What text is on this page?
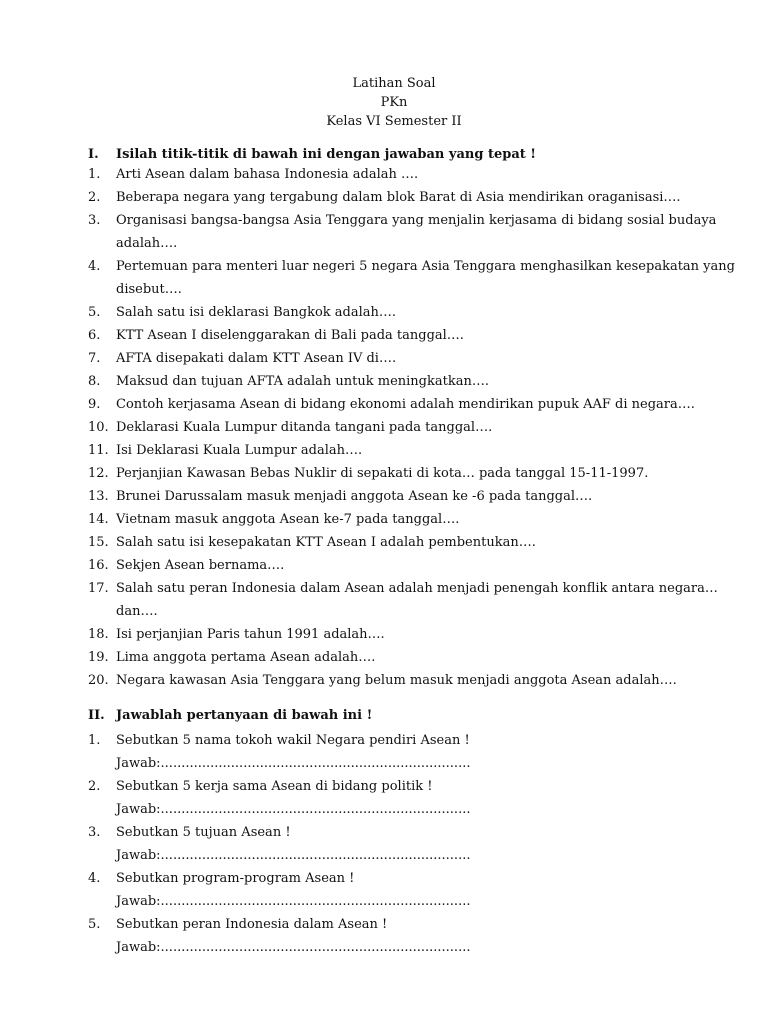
Latihan Soal
PKn
Kelas VI Semester II
I. Isilah titik-titik di bawah ini dengan jawaban yang tepat !
1.	Arti Asean dalam bahasa Indonesia adalah ….
2.	Beberapa negara yang tergabung dalam blok Barat di Asia mendirikan oraganisasi….
3.	Organisasi bangsa-bangsa Asia Tenggara yang menjalin kerjasama di bidang sosial budaya
adalah….
4.	Pertemuan para menteri luar negeri 5 negara Asia Tenggara menghasilkan kesepakatan yang
disebut….
5.	Salah satu isi deklarasi Bangkok adalah….
6.	KTT Asean I diselenggarakan di Bali pada tanggal….
7.	AFTA disepakati dalam KTT Asean IV di….
8.	Maksud dan tujuan AFTA adalah untuk meningkatkan….
9.	Contoh kerjasama Asean di bidang ekonomi adalah mendirikan pupuk AAF di negara….
10. Deklarasi Kuala Lumpur ditanda tangani pada tanggal….
11. Isi Deklarasi Kuala Lumpur adalah….
12. Perjanjian Kawasan Bebas Nuklir di sepakati di kota… pada tanggal 15-11-1997.
13. Brunei Darussalam masuk menjadi anggota Asean ke -6 pada tanggal….
14. Vietnam masuk anggota Asean ke-7 pada tanggal….
15. Salah satu isi kesepakatan KTT Asean I adalah pembentukan….
16. Sekjen Asean bernama….
17. Salah satu peran Indonesia dalam Asean adalah menjadi penengah konflik antara negara…
dan….
18. Isi perjanjian Paris tahun 1991 adalah….
19. Lima anggota pertama Asean adalah….
20. Negara kawasan Asia Tenggara yang belum masuk menjadi anggota Asean adalah….
II. Jawablah pertanyaan di bawah ini !
1.	Sebutkan 5 nama tokoh wakil Negara pendiri Asean !
Jawab:...........................................................................
2.	Sebutkan 5 kerja sama Asean di bidang politik !
Jawab:...........................................................................
3.	Sebutkan 5 tujuan Asean !
Jawab:...........................................................................
4.	Sebutkan program-program Asean !
Jawab:...........................................................................
5.	Sebutkan peran Indonesia dalam Asean !
Jawab:...........................................................................
